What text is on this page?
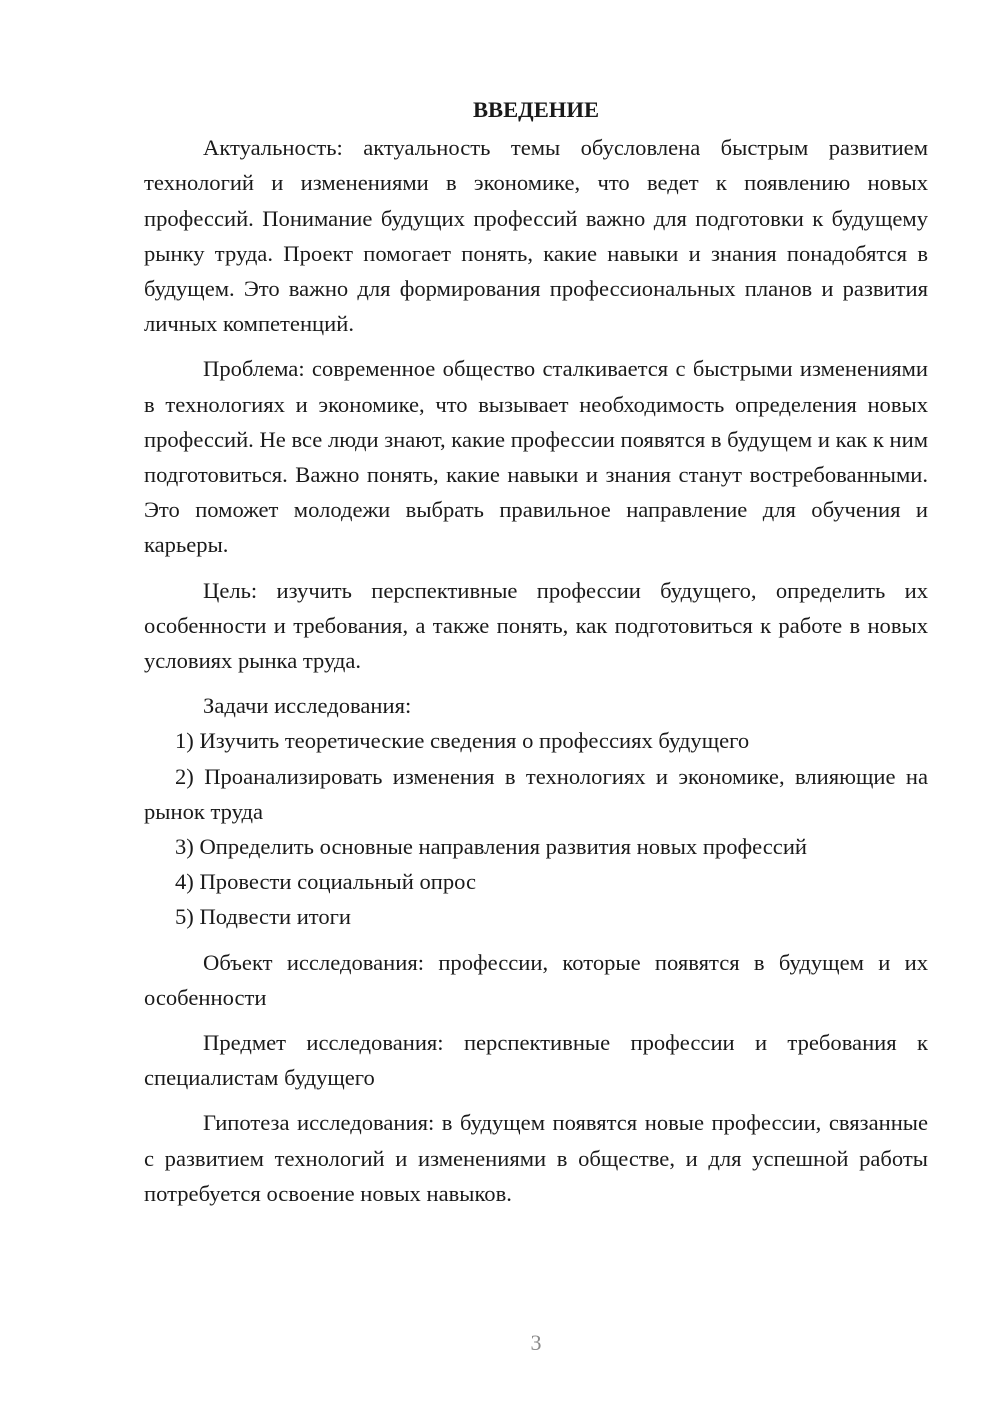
ВВЕДЕНИЕ

Актуальность: актуальность темы обусловлена быстрым развитием технологий и изменениями в экономике, что ведет к появлению новых профессий. Понимание будущих профессий важно для подготовки к будущему рынку труда. Проект помогает понять, какие навыки и знания понадобятся в будущем. Это важно для формирования профессиональных планов и развития личных компетенций.

Проблема: современное общество сталкивается с быстрыми изменениями в технологиях и экономике, что вызывает необходимость определения новых профессий. Не все люди знают, какие профессии появятся в будущем и как к ним подготовиться. Важно понять, какие навыки и знания станут востребованными. Это поможет молодежи выбрать правильное направление для обучения и карьеры.

Цель: изучить перспективные профессии будущего, определить их особенности и требования, а также понять, как подготовиться к работе в новых условиях рынка труда.

Задачи исследования:

1) Изучить теоретические сведения о профессиях будущего

2) Проанализировать изменения в технологиях и экономике, влияющие на рынок труда

3) Определить основные направления развития новых профессий

4) Провести социальный опрос

5) Подвести итоги

Объект исследования: профессии, которые появятся в будущем и их особенности

Предмет исследования: перспективные профессии и требования к специалистам будущего

Гипотеза исследования: в будущем появятся новые профессии, связанные с развитием технологий и изменениями в обществе, и для успешной работы потребуется освоение новых навыков.

3
